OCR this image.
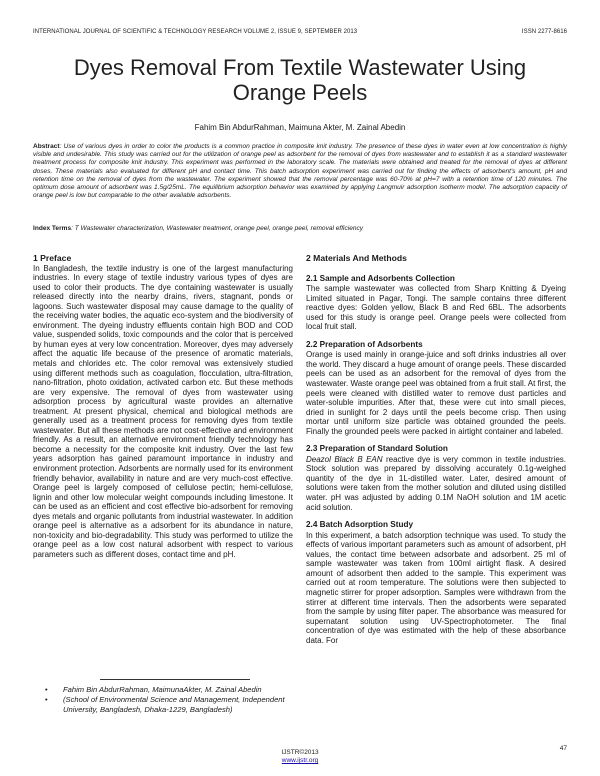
INTERNATIONAL JOURNAL OF SCIENTIFIC & TECHNOLOGY RESEARCH VOLUME 2, ISSUE 9, SEPTEMBER 2013	ISSN 2277-8616
Dyes Removal From Textile Wastewater Using Orange Peels
Fahim Bin AbdurRahman, Maimuna Akter, M. Zainal Abedin
Abstract: Use of various dyes in order to color the products is a common practice in composite knit industry. The presence of these dyes in water even at low concentration is highly visible and undesirable. This study was carried out for the utilization of orange peel as adsorbent for the removal of dyes from wastewater and to establish it as a standard wastewater treatment process for composite knit industry. This experiment was performed in the laboratory scale. The materials were obtained and treated for the removal of dyes at different doses. These materials also evaluated for different pH and contact time. This batch adsorption experiment was carried out for finding the effects of adsorbent's amount, pH and retention time on the removal of dyes from the wastewater. The experiment showed that the removal percentage was 60-70% at pH=7 with a retention time of 120 minutes. The optimum dose amount of adsorbent was 1.5g/25mL. The equilibrium adsorption behavior was examined by applying Langmuir adsorption isotherm model. The adsorption capacity of orange peel is low but comparable to the other available adsorbents.
Index Terms: T Wastewater characterization, Wastewater treatment, orange peel, orange peel, removal efficiency
1 Preface

In Bangladesh, the textile industry is one of the largest manufacturing industries. In every stage of textile industry various types of dyes are used to color their products. The dye containing wastewater is usually released directly into the nearby drains, rivers, stagnant, ponds or lagoons. Such wastewater disposal may cause damage to the quality of the receiving water bodies, the aquatic eco-system and the biodiversity of environment. The dyeing industry effluents contain high BOD and COD value, suspended solids, toxic compounds and the color that is perceived by human eyes at very low concentration. Moreover, dyes may adversely affect the aquatic life because of the presence of aromatic materials, metals and chlorides etc. The color removal was extensively studied using different methods such as coagulation, flocculation, ultra-filtration, nano-filtration, photo oxidation, activated carbon etc. But these methods are very expensive. The removal of dyes from wastewater using adsorption process by agricultural waste provides an alternative treatment. At present physical, chemical and biological methods are generally used as a treatment process for removing dyes from textile wastewater. But all these methods are not cost-effective and environment friendly. As a result, an alternative environment friendly technology has become a necessity for the composite knit industry. Over the last few years adsorption has gained paramount importance in industry and environment protection. Adsorbents are normally used for its environment friendly behavior, availability in nature and are very much-cost effective. Orange peel is largely composed of cellulose pectin; hemi-cellulose, lignin and other low molecular weight compounds including limestone. It can be used as an efficient and cost effective bio-adsorbent for removing dyes metals and organic pollutants from industrial wastewater. In addition orange peel is alternative as a adsorbent for its abundance in nature, non-toxicity and bio-degradability. This study was performed to utilize the orange peel as a low cost natural adsorbent with respect to various parameters such as different doses, contact time and pH.

2 Materials And Methods
2.1 Sample and Adsorbents Collection

The sample wastewater was collected from Sharp Knitting & Dyeing Limited situated in Pagar, Tongi. The sample contains three different reactive dyes: Golden yellow, Black B and Red 6BL. The adsorbents used for this study is orange peel. Orange peels were collected from local fruit stall.

2.2 Preparation of Adsorbents

Orange is used mainly in orange-juice and soft drinks industries all over the world. They discard a huge amount of orange peels. These discarded peels can be used as an adsorbent for the removal of dyes from the wastewater. Waste orange peel was obtained from a fruit stall. At first, the peels were cleaned with distilled water to remove dust particles and water-soluble impurities. After that, these were cut into small pieces, dried in sunlight for 2 days until the peels become crisp. Then using mortar until uniform size particle was obtained grounded the peels. Finally the grounded peels were packed in airtight container and labeled.

2.3 Preparation of Standard Solution

Deazol Black B EAN reactive dye is very common in textile industries. Stock solution was prepared by dissolving accurately 0.1g-weighed quantity of the dye in 1L-distilled water. Later, desired amount of solutions were taken from the mother solution and diluted using distilled water. pH was adjusted by adding 0.1M NaOH solution and 1M acetic acid solution.

2.4 Batch Adsorption Study

In this experiment, a batch adsorption technique was used. To study the effects of various important parameters such as amount of adsorbent, pH values, the contact time between adsorbate and adsorbent. 25 ml of sample wastewater was taken from 100ml airtight flask. A desired amount of adsorbent then added to the sample. This experiment was carried out at room temperature. The solutions were then subjected to magnetic stirrer for proper adsorption. Samples were withdrawn from the stirrer at different time intervals. Then the adsorbents were separated from the sample by using filter paper. The absorbance was measured for supernatant solution using UV-Spectrophotometer. The final concentration of dye was estimated with the help of these absorbance data. For

•	Fahim Bin AbdurRahman, MaimunaAkter, M. Zainal Abedin
•	(School of Environmental Science and Management, Independent University, Bangladesh, Dhaka-1229, Bangladesh)
47
IJSTR©2013
www.ijstr.org
